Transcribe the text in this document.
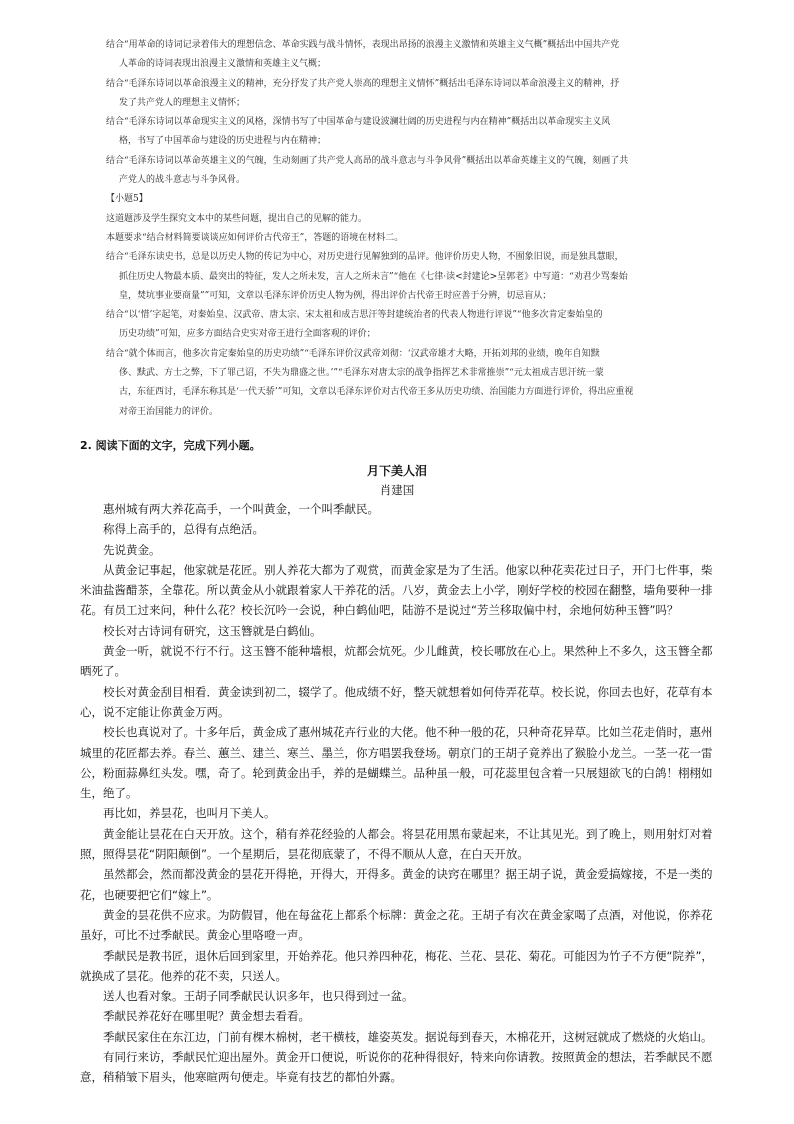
结合“用革命的诗词记录着伟大的理想信念、革命实践与战斗情怀，表现出昂扬的浪漫主义激情和英雄主义气概”概括出中国共产党

人革命的诗词表现出浪漫主义激情和英雄主义气概；

结合“毛泽东诗词以革命浪漫主义的精神，充分抒发了共产党人崇高的理想主义情怀”概括出毛泽东诗词以革命浪漫主义的精神，抒

发了共产党人的理想主义情怀；

结合“毛泽东诗词以革命现实主义的风格，深情书写了中国革命与建设波澜壮阔的历史进程与内在精神”概括出以革命现实主义风

格，书写了中国革命与建设的历史进程与内在精神；

结合“毛泽东诗词以革命英雄主义的气魄，生动刻画了共产党人高昂的战斗意志与斗争风骨”概括出以革命英雄主义的气魄，刻画了共

产党人的战斗意志与斗争风骨。

【小题5】

这道题涉及学生探究文本中的某些问题，提出自己的见解的能力。

本题要求“结合材料简要谈谈应如何评价古代帝王”，答题的语境在材料二。

结合“毛泽东读史书，总是以历史人物的传记为中心，对历史进行见解独到的品评。他评价历史人物，不囿象旧说，而是独具慧眼，

抓住历史人物最本质、最突出的特征，发人之所未发，言人之所未言”“他在《七律·读<封建论>呈郭老》中写道：“劝君少骂秦始

皇，焚坑事业要商量””可知，文章以毛泽东评价历史人物为例，得出评价古代帝王时应善于分辨，切忌盲从；

结合“以‘惜’字起笔，对秦始皇、汉武帝、唐太宗、宋太祖和成吉思汗等封建统治者的代表人物进行评说”“他多次肯定秦始皇的

历史功绩”可知，应多方面结合史实对帝王进行全面客观的评价；

结合“就个体而言，他多次肯定秦始皇的历史功绩”“毛泽东评价汉武帝刘彻：‘汉武帝雄才大略，开拓刘邦的业绩，晚年自知黩

侈、黩武、方士之弊，下了罪己诏，不失为鼎盛之世。’”“毛泽东对唐太宗的战争指挥艺术非常推崇”“元太祖成吉思汗统一蒙

古，东征西讨，毛泽东称其是‘一代天骄’”可知，文章以毛泽东评价对古代帝王多从历史功绩、治国能力方面进行评价，得出应重视

对帝王治国能力的评价。

2. 阅读下面的文字，完成下列小题。
月下美人泪
肖建国

惠州城有两大养花高手，一个叫黄金，一个叫季献民。

称得上高手的，总得有点绝活。

先说黄金。

从黄金记事起，他家就是花匠。别人养花大都为了观赏，而黄金家是为了生活。他家以种花卖花过日子，开门七件事，柴米油盐酱醋茶，全靠花。所以黄金从小就跟着家人干养花的活。八岁，黄金去上小学，刚好学校的校园在翻整，墙角要种一排花。有员工过来问，种什么花？校长沉吟一会说，种白鹤仙吧，陆游不是说过“芳兰移取偏中村，余地何妨种玉簪”吗？

校长对古诗词有研究，这玉簪就是白鹤仙。

黄金一听，就说不行不行。这玉簪不能种墙根，炕都会炕死。少儿雌黄，校长哪放在心上。果然种上不多久，这玉簪全都晒死了。

校长对黄金刮目相看．黄金读到初二，辍学了。他成绩不好，整天就想着如何侍弄花草。校长说，你回去也好，花草有本心，说不定能让你黄金万两。

校长也真说对了。十多年后，黄金成了惠州城花卉行业的大佬。他不种一般的花，只种奇花异草。比如兰花走俏时，惠州城里的花匠都去养。春兰、蕙兰、建兰、寒兰、墨兰，你方唱罢我登场。朝京门的王胡子竟养出了猴脸小龙兰。一茎一花一雷公，粉面蒜鼻红头发。嘿，奇了。轮到黄金出手，养的是蝴蝶兰。品种虽一般，可花蕊里包含着一只展翅欲飞的白鸽！栩栩如生，绝了。

再比如，养昙花，也叫月下美人。

黄金能让昙花在白天开放。这个，稍有养花经验的人都会。将昙花用黑布蒙起来，不让其见光。到了晚上，则用射灯对着照，照得昙花“阴阳颠倒”。一个星期后，昙花彻底蒙了，不得不顺从人意，在白天开放。

虽然都会，然而都没黄金的昙花开得艳，开得大，开得多。黄金的诀窍在哪里？据王胡子说，黄金爱搞嫁接，不是一类的花，也硬要把它们“嫁上”。

黄金的昙花供不应求。为防假冒，他在每盆花上都系个标牌：黄金之花。王胡子有次在黄金家喝了点酒，对他说，你养花虽好，可比不过季献民。黄金心里咯噔一声。

季献民是教书匠，退休后回到家里，开始养花。他只养四种花，梅花、兰花、昙花、菊花。可能因为竹子不方便“院养”，就换成了昙花。他养的花不卖，只送人。

送人也看对象。王胡子同季献民认识多年，也只得到过一盆。

季献民养花好在哪里呢？黄金想去看看。

季献民家住在东江边，门前有棵木棉树，老干横枝，雄姿英发。据说每到春天，木棉花开，这树冠就成了燃烧的火焰山。

有同行来访，季献民忙迎出屋外。黄金开口便说，听说你的花种得很好，特来向你请教。按照黄金的想法，若季献民不愿意，稍稍皱下眉头，他寒暄两句便走。毕竟有技艺的都怕外露。
